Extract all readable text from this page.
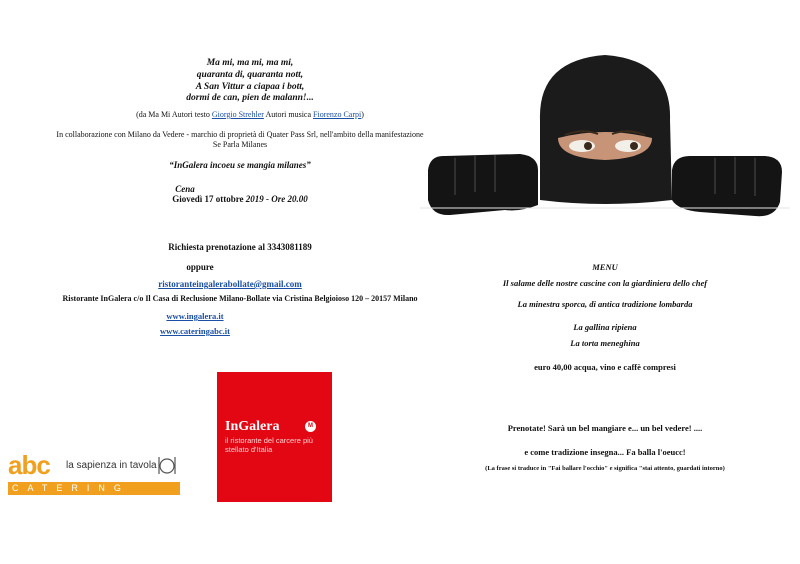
Ma mi, ma mi, ma mi,
quaranta di, quaranta nott,
A San Vittur a ciapaa i bott,
dormi de can, pien de malann!...
(da Ma Mi Autori testo Giorgio Strehler Autori musica Fiorenzo Carpi)
In collaborazione con Milano da Vedere - marchio di proprietà di Quater Pass Srl, nell'ambito della manifestazione
Se Parla Milanes
“InGalera incoeu se mangia milanes”
Cena
Giovedì 17 ottobre 2019 - Ore 20.00
Richiesta prenotazione al 3343081189
oppure
ristoranteingalerabollate@gmail.com
Ristorante InGalera c/o Il Casa di Reclusione Milano-Bollate via Cristina Belgioioso 120 – 20157 Milano
www.ingalera.it
www.cateringabc.it
abc la sapienza in tavola
CATERING
InGalera	M
il ristorante del carcere più stellato d'Italia
MENU
Il salame delle nostre cascine con la giardiniera dello chef
La minestra sporca, di antica tradizione lombarda
La gallina ripiena
La torta meneghina
euro 40,00 acqua, vino e caffè compresi
Prenotate! Sarà un bel mangiare e... un bel vedere! ....
e come tradizione insegna... Fa balla l'oeucc!
(La frase si traduce in "Fai ballare l'occhio" e significa "stai attento, guardati intorno)
